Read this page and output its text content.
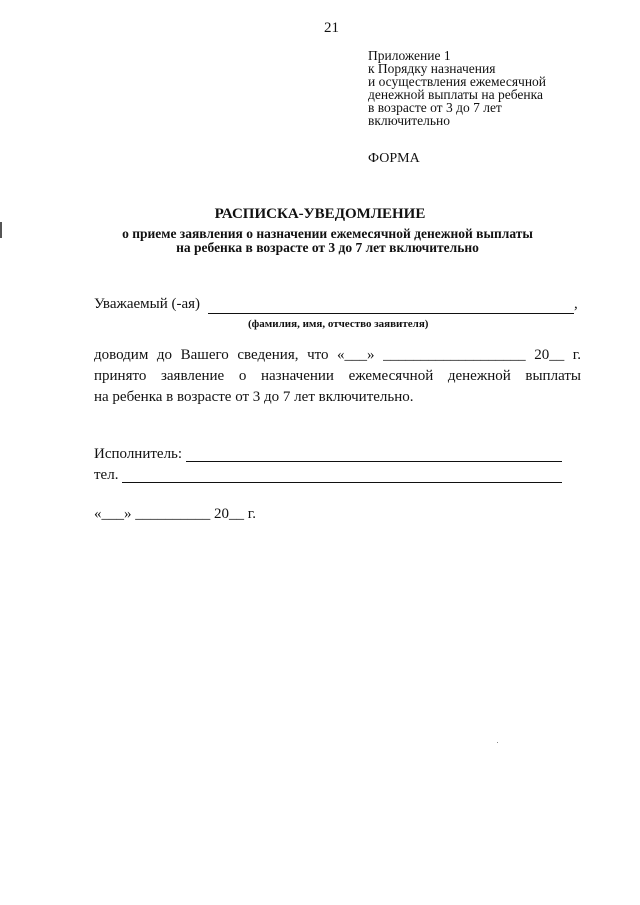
21
Приложение 1
к Порядку назначения
и осуществления ежемесячной
денежной выплаты на ребенка
в возрасте от 3 до 7 лет
включительно
ФОРМА
РАСПИСКА-УВЕДОМЛЕНИЕ
о приеме заявления о назначении ежемесячной денежной выплаты
на ребенка в возрасте от 3 до 7 лет включительно
Уважаемый (-ая)	,
(фамилия, имя, отчество заявителя)
доводим до Вашего сведения, что «___» ___________________ 20__ г.
принято заявление о назначении ежемесячной денежной выплаты
на ребенка в возрасте от 3 до 7 лет включительно.
Исполнитель:
тел.
«___» __________ 20__ г.
